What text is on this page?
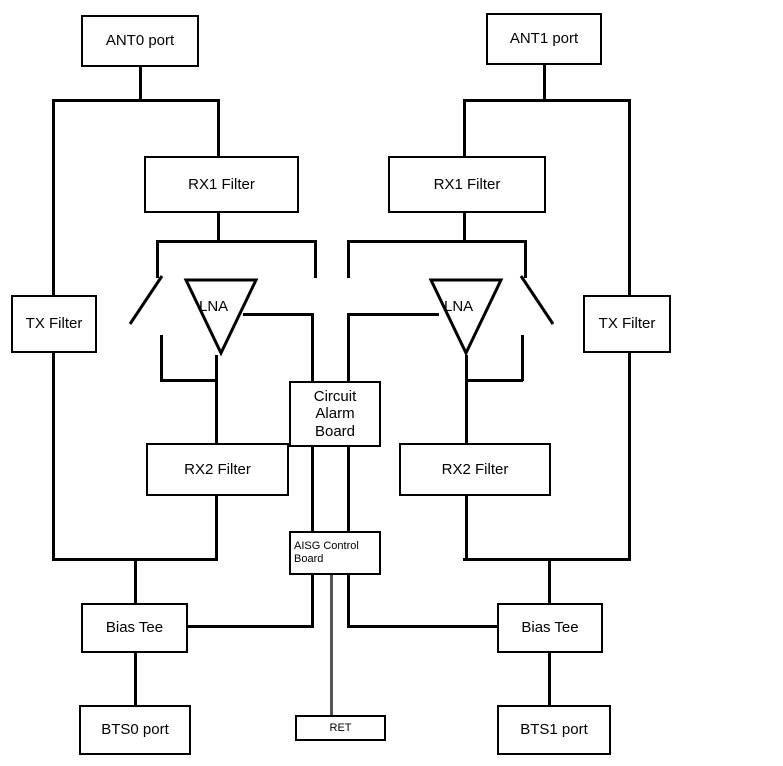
LNA	LNA
ANT0 port	ANT1 port
RX1 Filter	RX1 Filter
TX Filter	TX Filter
Circuit Alarm Board
RX2 Filter	RX2 Filter
AISG Control Board
Bias Tee	Bias Tee
BTS0 port	BTS1 port
RET
